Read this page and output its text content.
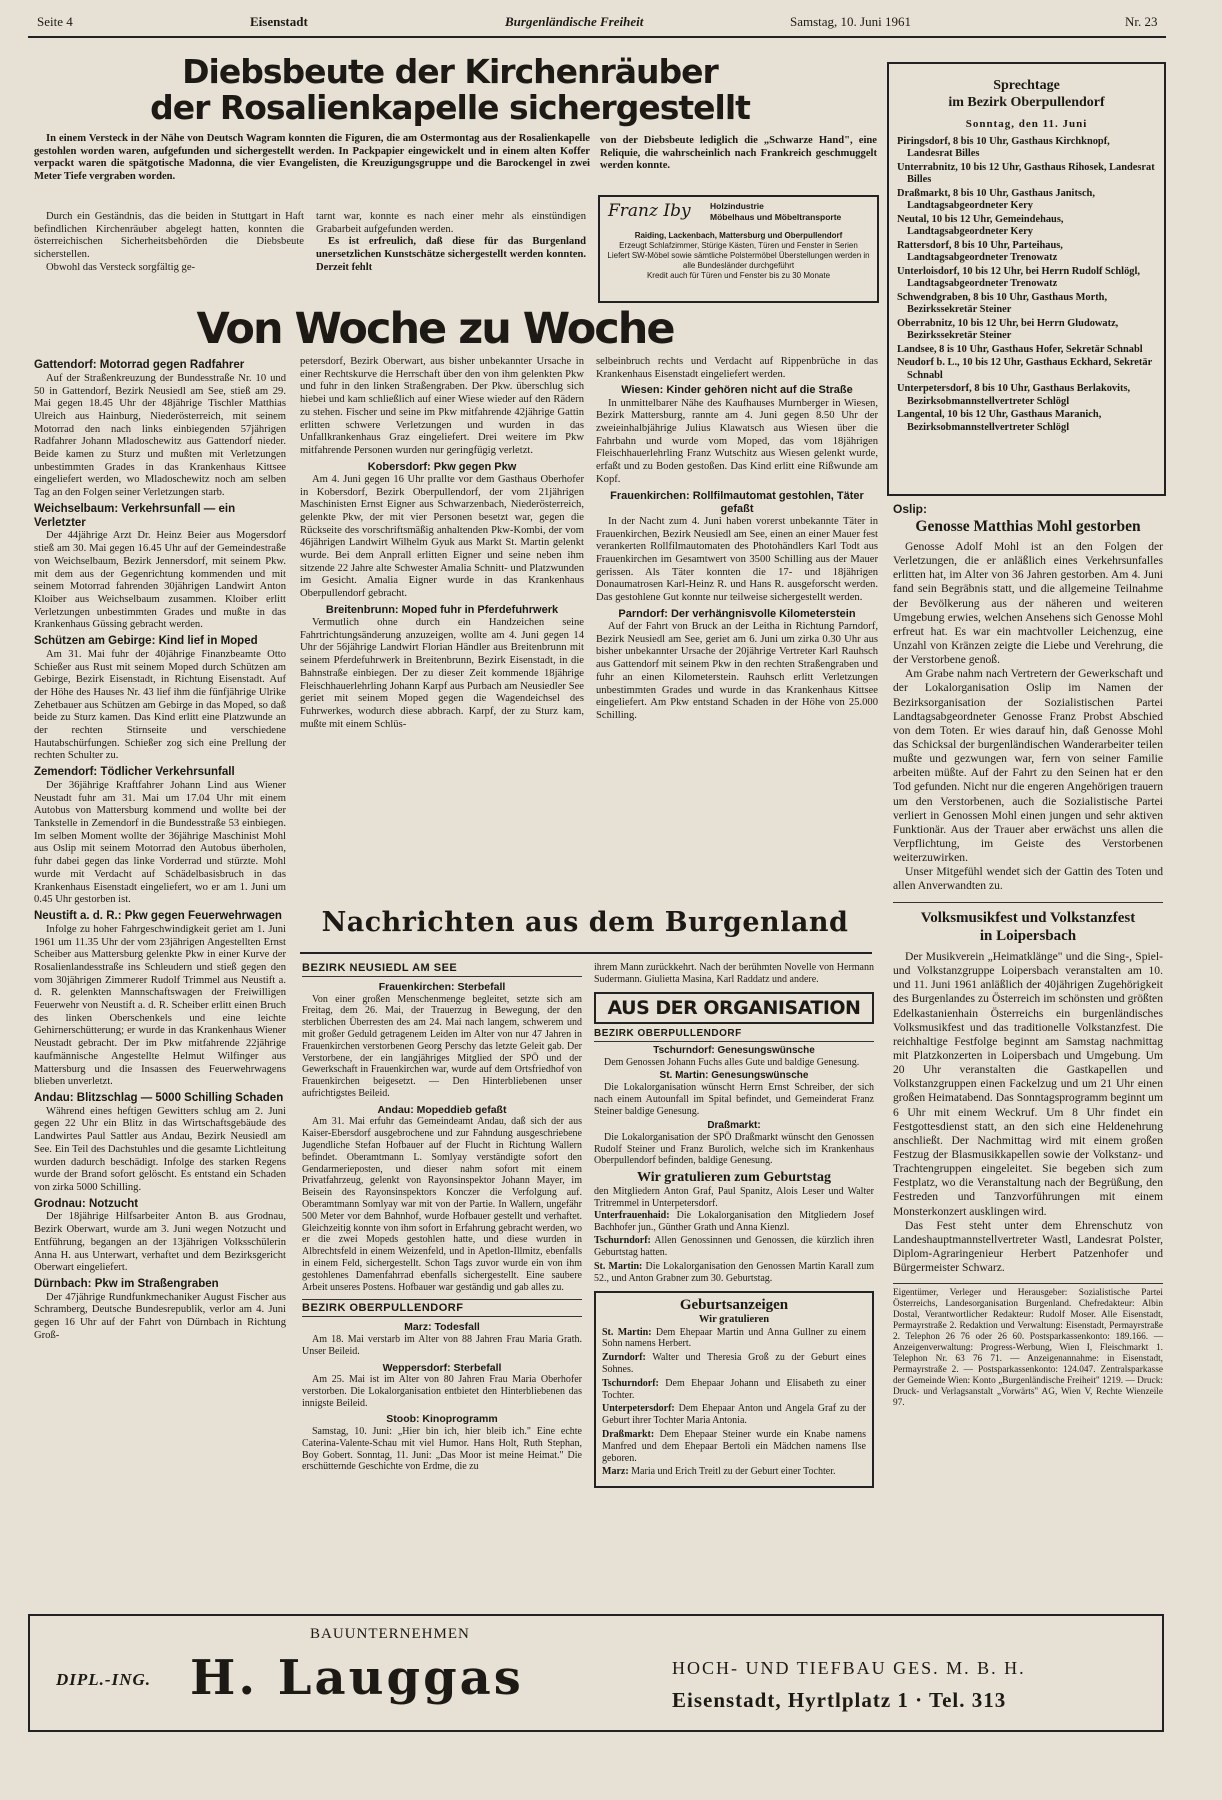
Seite 4	Eisenstadt	Burgenländische Freiheit	Samstag, 10. Juni 1961	Nr. 23
Diebsbeute der Kirchenräuber
der Rosalienkapelle sichergestellt
In einem Versteck in der Nähe von Deutsch Wagram konnten die Figuren, die am Ostermontag aus der Rosalienkapelle gestohlen worden waren, aufgefunden und sichergestellt werden. In Packpapier eingewickelt und in einem alten Koffer verpackt waren die spätgotische Madonna, die vier Evangelisten, die Kreuzigungsgruppe und die Barockengel in zwei Meter Tiefe vergraben worden.

Durch ein Geständnis, das die beiden in Stuttgart in Haft befindlichen Kirchenräuber abgelegt hatten, konnten die österreichischen Sicherheitsbehörden die Diebsbeute sicherstellen.

Obwohl das Versteck sorgfältig ge-

tarnt war, konnte es nach einer mehr als einstündigen Grabarbeit aufgefunden werden.

Es ist erfreulich, daß diese für das Burgenland unersetzlichen Kunstschätze sichergestellt werden konnten. Derzeit fehlt

von der Diebsbeute lediglich die „Schwarze Hand", eine Reliquie, die wahrscheinlich nach Frankreich geschmuggelt werden konnte.
Franz Iby Holzindustrie
Möbelhaus und Möbeltransporte
Raiding, Lackenbach, Mattersburg und Oberpullendorf
Erzeugt Schlafzimmer, Stürige Kästen, Türen und Fenster in Serien
Liefert SW-Möbel sowie sämtliche Polstermöbel Überstellungen werden in alle Bundesländer durchgeführt
Kredit auch für Türen und Fenster bis zu 30 Monate
Sprechtage
im Bezirk Oberpullendorf
Sonntag, den 11. Juni
Piringsdorf, 8 bis 10 Uhr, Gasthaus Kirchknopf, Landesrat Billes
Unterrabnitz, 10 bis 12 Uhr, Gasthaus Rihosek, Landesrat Billes
Draßmarkt, 8 bis 10 Uhr, Gasthaus Janitsch, Landtagsabgeordneter Kery
Neutal, 10 bis 12 Uhr, Gemeindehaus, Landtagsabgeordneter Kery
Rattersdorf, 8 bis 10 Uhr, Parteihaus, Landtagsabgeordneter Trenowatz
Unterloisdorf, 10 bis 12 Uhr, bei Herrn Rudolf Schlögl, Landtagsabgeordneter Trenowatz
Schwendgraben, 8 bis 10 Uhr, Gasthaus Morth, Bezirkssekretär Steiner
Oberrabnitz, 10 bis 12 Uhr, bei Herrn Gludowatz, Bezirkssekretär Steiner
Landsee, 8 is 10 Uhr, Gasthaus Hofer, Sekretär Schnabl
Neudorf b. L., 10 bis 12 Uhr, Gasthaus Eckhard, Sekretär Schnabl
Unterpetersdorf, 8 bis 10 Uhr, Gasthaus Berlakovits, Bezirksobmannstellvertreter Schlögl
Langental, 10 bis 12 Uhr, Gasthaus Maranich, Bezirksobmannstellvertreter Schlögl
Von Woche zu Woche
Gattendorf: Motorrad gegen Radfahrer

Auf der Straßenkreuzung der Bundesstraße Nr. 10 und 50 in Gattendorf, Bezirk Neusiedl am See, stieß am 29. Mai gegen 18.45 Uhr der 48jährige Tischler Matthias Ulreich aus Hainburg, Niederösterreich, mit seinem Motorrad den nach links einbiegenden 57jährigen Radfahrer Johann Mladoschewitz aus Gattendorf nieder. Beide kamen zu Sturz und mußten mit Verletzungen unbestimmten Grades in das Krankenhaus Kittsee eingeliefert werden, wo Mladoschewitz noch am selben Tag an den Folgen seiner Verletzungen starb.

Weichselbaum: Verkehrsunfall — ein Verletzter

Der 44jährige Arzt Dr. Heinz Beier aus Mogersdorf stieß am 30. Mai gegen 16.45 Uhr auf der Gemeindestraße von Weichselbaum, Bezirk Jennersdorf, mit seinem Pkw. mit dem aus der Gegenrichtung kommenden und mit seinem Motorrad fahrenden 30jährigen Landwirt Anton Kloiber aus Weichselbaum zusammen. Kloiber erlitt Verletzungen unbestimmten Grades und mußte in das Krankenhaus Güssing gebracht werden.

Schützen am Gebirge: Kind lief in Moped

Am 31. Mai fuhr der 40jährige Finanzbeamte Otto Schießer aus Rust mit seinem Moped durch Schützen am Gebirge, Bezirk Eisenstadt, in Richtung Eisenstadt. Auf der Höhe des Hauses Nr. 43 lief ihm die fünfjährige Ulrike Zehetbauer aus Schützen am Gebirge in das Moped, so daß beide zu Sturz kamen. Das Kind erlitt eine Platzwunde an der rechten Stirnseite und verschiedene Hautabschürfungen. Schießer zog sich eine Prellung der rechten Schulter zu.

Zemendorf: Tödlicher Verkehrsunfall

Der 36jährige Kraftfahrer Johann Lind aus Wiener Neustadt fuhr am 31. Mai um 17.04 Uhr mit einem Autobus von Mattersburg kommend und wollte bei der Tankstelle in Zemendorf in die Bundesstraße 53 einbiegen. Im selben Moment wollte der 36jährige Maschinist Mohl aus Oslip mit seinem Motorrad den Autobus überholen, fuhr dabei gegen das linke Vorderrad und stürzte. Mohl wurde mit Verdacht auf Schädelbasisbruch in das Krankenhaus Eisenstadt eingeliefert, wo er am 1. Juni um 0.45 Uhr gestorben ist.

Neustift a. d. R.: Pkw gegen Feuerwehrwagen

Infolge zu hoher Fahrgeschwindigkeit geriet am 1. Juni 1961 um 11.35 Uhr der vom 23jährigen Angestellten Ernst Scheiber aus Mattersburg gelenkte Pkw in einer Kurve der Rosalienlandesstraße ins Schleudern und stieß gegen den vom 30jährigen Zimmerer Rudolf Trimmel aus Neustift a. d. R. gelenkten Mannschaftswagen der Freiwilligen Feuerwehr von Neustift a. d. R. Scheiber erlitt einen Bruch des linken Oberschenkels und eine leichte Gehirnerschütterung; er wurde in das Krankenhaus Wiener Neustadt gebracht. Der im Pkw mitfahrende 22jährige kaufmännische Angestellte Helmut Wilfinger aus Mattersburg und die Insassen des Feuerwehrwagens blieben unverletzt.

Andau: Blitzschlag — 5000 Schilling Schaden

Während eines heftigen Gewitters schlug am 2. Juni gegen 22 Uhr ein Blitz in das Wirtschaftsgebäude des Landwirtes Paul Sattler aus Andau, Bezirk Neusiedl am See. Ein Teil des Dachstuhles und die gesamte Lichtleitung wurden dadurch beschädigt. Infolge des starken Regens wurde der Brand sofort gelöscht. Es entstand ein Schaden von zirka 5000 Schilling.

Grodnau: Notzucht

Der 18jährige Hilfsarbeiter Anton B. aus Grodnau, Bezirk Oberwart, wurde am 3. Juni wegen Notzucht und Entführung, begangen an der 13jährigen Volksschülerin Anna H. aus Unterwart, verhaftet und dem Bezirksgericht Oberwart eingeliefert.

Dürnbach: Pkw im Straßengraben

Der 47jährige Rundfunkmechaniker August Fischer aus Schramberg, Deutsche Bundesrepublik, verlor am 4. Juni gegen 16 Uhr auf der Fahrt von Dürnbach in Richtung Groß-

petersdorf, Bezirk Oberwart, aus bisher unbekannter Ursache in einer Rechtskurve die Herrschaft über den von ihm gelenkten Pkw und fuhr in den linken Straßengraben. Der Pkw. überschlug sich hiebei und kam schließlich auf einer Wiese wieder auf den Rädern zu stehen. Fischer und seine im Pkw mitfahrende 42jährige Gattin erlitten schwere Verletzungen und wurden in das Unfallkrankenhaus Graz eingeliefert. Drei weitere im Pkw mitfahrende Personen wurden nur geringfügig verletzt.

Kobersdorf: Pkw gegen Pkw

Am 4. Juni gegen 16 Uhr prallte vor dem Gasthaus Oberhofer in Kobersdorf, Bezirk Oberpullendorf, der vom 21jährigen Maschinisten Ernst Eigner aus Schwarzenbach, Niederösterreich, gelenkte Pkw, der mit vier Personen besetzt war, gegen die Rückseite des vorschriftsmäßig anhaltenden Pkw-Kombi, der vom 46jährigen Landwirt Wilhelm Gyuk aus Markt St. Martin gelenkt wurde. Bei dem Anprall erlitten Eigner und seine neben ihm sitzende 22 Jahre alte Schwester Amalia Schnitt- und Platzwunden im Gesicht. Amalia Eigner wurde in das Krankenhaus Oberpullendorf gebracht.

Breitenbrunn: Moped fuhr in Pferdefuhrwerk

Vermutlich ohne durch ein Handzeichen seine Fahrtrichtungsänderung anzuzeigen, wollte am 4. Juni gegen 14 Uhr der 56jährige Landwirt Florian Händler aus Breitenbrunn mit seinem Pferdefuhrwerk in Breitenbrunn, Bezirk Eisenstadt, in die Bahnstraße einbiegen. Der zu dieser Zeit kommende 18jährige Fleischhauerlehrling Johann Karpf aus Purbach am Neusiedler See geriet mit seinem Moped gegen die Wagendeichsel des Fuhrwerkes, wodurch diese abbrach. Karpf, der zu Sturz kam, mußte mit einem Schlüs-

selbeinbruch rechts und Verdacht auf Rippenbrüche in das Krankenhaus Eisenstadt eingeliefert werden.

Wiesen: Kinder gehören nicht auf die Straße

In unmittelbarer Nähe des Kaufhauses Murnberger in Wiesen, Bezirk Mattersburg, rannte am 4. Juni gegen 8.50 Uhr der zweieinhalbjährige Julius Klawatsch aus Wiesen über die Fahrbahn und wurde vom Moped, das vom 18jährigen Fleischhauerlehrling Franz Wutschitz aus Wiesen gelenkt wurde, erfaßt und zu Boden gestoßen. Das Kind erlitt eine Rißwunde am Kopf.

Frauenkirchen: Rollfilmautomat gestohlen, Täter gefaßt

In der Nacht zum 4. Juni haben vorerst unbekannte Täter in Frauenkirchen, Bezirk Neusiedl am See, einen an einer Mauer fest verankerten Rollfilmautomaten des Photohändlers Karl Todt aus Frauenkirchen im Gesamtwert von 3500 Schilling aus der Mauer gerissen. Als Täter konnten die 17- und 18jährigen Donaumatrosen Karl-Heinz R. und Hans R. ausgeforscht werden. Das gestohlene Gut konnte nur teilweise sichergestellt werden.

Parndorf: Der verhängnisvolle Kilometerstein

Auf der Fahrt von Bruck an der Leitha in Richtung Parndorf, Bezirk Neusiedl am See, geriet am 6. Juni um zirka 0.30 Uhr aus bisher unbekannter Ursache der 20jährige Vertreter Karl Rauhsch aus Gattendorf mit seinem Pkw in den rechten Straßengraben und fuhr an einen Kilometerstein. Rauhsch erlitt Verletzungen unbestimmten Grades und wurde in das Krankenhaus Kittsee eingeliefert. Am Pkw entstand Schaden in der Höhe von 25.000 Schilling.

Oslip:
Genosse Matthias Mohl gestorben

Genosse Adolf Mohl ist an den Folgen der Verletzungen, die er anläßlich eines Verkehrsunfalles erlitten hat, im Alter von 36 Jahren gestorben. Am 4. Juni fand sein Begräbnis statt, und die allgemeine Teilnahme der Bevölkerung aus der näheren und weiteren Umgebung erwies, welchen Ansehens sich Genosse Mohl erfreut hat. Es war ein machtvoller Leichenzug, eine Unzahl von Kränzen zeigte die Liebe und Verehrung, die der Verstorbene genoß.

Am Grabe nahm nach Vertretern der Gewerkschaft und der Lokalorganisation Oslip im Namen der Bezirksorganisation der Sozialistischen Partei Landtagsabgeordneter Genosse Franz Probst Abschied von dem Toten. Er wies darauf hin, daß Genosse Mohl das Schicksal der burgenländischen Wanderarbeiter teilen mußte und gezwungen war, fern von seiner Familie arbeiten müßte. Auf der Fahrt zu den Seinen hat er den Tod gefunden. Nicht nur die engeren Angehörigen trauern um den Verstorbenen, auch die Sozialistische Partei verliert in Genossen Mohl einen jungen und sehr aktiven Funktionär. Aus der Trauer aber erwächst uns allen die Verpflichtung, im Geiste des Verstorbenen weiterzuwirken.

Unser Mitgefühl wendet sich der Gattin des Toten und allen Anverwandten zu.

Volksmusikfest und Volkstanzfest
in Loipersbach

Der Musikverein „Heimatklänge" und die Sing-, Spiel- und Volkstanzgruppe Loipersbach veranstalten am 10. und 11. Juni 1961 anläßlich der 40jährigen Zugehörigkeit des Burgenlandes zu Österreich im schönsten und größten Edelkastanienhain Österreichs ein burgenländisches Volksmusikfest und das traditionelle Volkstanzfest. Die reichhaltige Festfolge beginnt am Samstag nachmittag mit Platzkonzerten in Loipersbach und Umgebung. Um 20 Uhr veranstalten die Gastkapellen und Volkstanzgruppen einen Fackelzug und um 21 Uhr einen großen Heimatabend. Das Sonntagsprogramm beginnt um 6 Uhr mit einem Weckruf. Um 8 Uhr findet ein Festgottesdienst statt, an den sich eine Heldenehrung anschließt. Der Nachmittag wird mit einem großen Festzug der Blasmusikkapellen sowie der Volkstanz- und Trachtengruppen eingeleitet. Sie begeben sich zum Festplatz, wo die Veranstaltung nach der Begrüßung, den Festreden und Tanzvorführungen mit einem Monsterkonzert ausklingen wird.

Das Fest steht unter dem Ehrenschutz von Landeshauptmannstellvertreter Wastl, Landesrat Polster, Diplom-Agraringenieur Herbert Patzenhofer und Bürgermeister Schwarz.

Eigentümer, Verleger und Herausgeber: Sozialistische Partei Österreichs, Landesorganisation Burgenland. Chefredakteur: Albin Dostal, Verantwortlicher Redakteur: Rudolf Moser. Alle Eisenstadt, Permayrstraße 2. Redaktion und Verwaltung: Eisenstadt, Permayrstraße 2. Telephon 26 76 oder 26 60. Postsparkassenkonto: 189.166. — Anzeigenverwaltung: Progress-Werbung, Wien I, Fleischmarkt 1. Telephon Nr. 63 76 71. — Anzeigenannahme: in Eisenstadt, Permayrstraße 2. — Postsparkassenkonto: 124.047. Zentralsparkasse der Gemeinde Wien: Konto „Burgenländische Freiheit" 1219. — Druck: Druck- und Verlagsanstalt „Vorwärts" AG, Wien V, Rechte Wienzeile 97.
Nachrichten aus dem Burgenland
BEZIRK NEUSIEDL AM SEE
Frauenkirchen: Sterbefall

Von einer großen Menschenmenge begleitet, setzte sich am Freitag, dem 26. Mai, der Trauerzug in Bewegung, der den sterblichen Überresten des am 24. Mai nach langem, schwerem und mit großer Geduld getragenem Leiden im Alter von nur 47 Jahren in Frauenkirchen verstorbenen Georg Perschy das letzte Geleit gab. Der Verstorbene, der ein langjähriges Mitglied der SPÖ und der Gewerkschaft in Frauenkirchen war, wurde auf dem Ortsfriedhof von Frauenkirchen beigesetzt. — Den Hinterbliebenen unser aufrichtigstes Beileid.

Andau: Mopeddieb gefaßt

Am 31. Mai erfuhr das Gemeindeamt Andau, daß sich der aus Kaiser-Ebersdorf ausgebrochene und zur Fahndung ausgeschriebene Jugendliche Stefan Hofbauer auf der Flucht in Richtung Wallern befindet. Oberamtmann L. Somlyay verständigte sofort den Gendarmerieposten, und dieser nahm sofort mit einem Privatfahrzeug, gelenkt von Rayonsinspektor Johann Mayer, im Beisein des Rayonsinspektors Konczer die Verfolgung auf. Oberamtmann Somlyay war mit von der Partie. In Wallern, ungefähr 500 Meter vor dem Bahnhof, wurde Hofbauer gestellt und verhaftet. Gleichzeitig konnte von ihm sofort in Erfahrung gebracht werden, wo er die zwei Mopeds gestohlen hatte, und diese wurden in Albrechtsfeld in einem Weizenfeld, und in Apetlon-Illmitz, ebenfalls in einem Feld, sichergestellt. Schon Tags zuvor wurde ein von ihm gestohlenes Damenfahrrad ebenfalls sichergestellt. Eine saubere Arbeit unseres Postens. Hofbauer war geständig und gab alles zu.

BEZIRK OBERPULLENDORF
Marz: Todesfall

Am 18. Mai verstarb im Alter von 88 Jahren Frau Maria Grath. Unser Beileid.

Weppersdorf: Sterbefall

Am 25. Mai ist im Alter von 80 Jahren Frau Maria Oberhofer verstorben. Die Lokalorganisation entbietet den Hinterbliebenen das innigste Beileid.

Stoob: Kinoprogramm

Samstag, 10. Juni: „Hier bin ich, hier bleib ich." Eine echte Caterina-Valente-Schau mit viel Humor. Hans Holt, Ruth Stephan, Boy Gobert. Sonntag, 11. Juni: „Das Moor ist meine Heimat." Die erschütternde Geschichte von Erdme, die zu

ihrem Mann zurückkehrt. Nach der berühmten Novelle von Hermann Sudermann. Giulietta Masina, Karl Raddatz und andere.

AUS DER ORGANISATION
BEZIRK OBERPULLENDORF
Tschurndorf: Genesungswünsche

Dem Genossen Johann Fuchs alles Gute und baldige Genesung.

St. Martin: Genesungswünsche

Die Lokalorganisation wünscht Herrn Ernst Schreiber, der sich nach einem Autounfall im Spital befindet, und Gemeinderat Franz Steiner baldige Genesung.

Draßmarkt:

Die Lokalorganisation der SPÖ Draßmarkt wünscht den Genossen Rudolf Steiner und Franz Burolich, welche sich im Krankenhaus Oberpullendorf befinden, baldige Genesung.

Wir gratulieren zum Geburtstag

den Mitgliedern Anton Graf, Paul Spanitz, Alois Leser und Walter Tritremmel in Unterpetersdorf.

Unterfrauenhaid: Die Lokalorganisation den Mitgliedern Josef Bachhofer jun., Günther Grath und Anna Kienzl.

Tschurndorf: Allen Genossinnen und Genossen, die kürzlich ihren Geburtstag hatten.

St. Martin: Die Lokalorganisation den Genossen Martin Karall zum 52., und Anton Grabner zum 30. Geburtstag.

Geburtsanzeigen
Wir gratulieren

St. Martin: Dem Ehepaar Martin und Anna Gullner zu einem Sohn namens Herbert.

Zurndorf: Walter und Theresia Groß zu der Geburt eines Sohnes.

Tschurndorf: Dem Ehepaar Johann und Elisabeth zu einer Tochter.

Unterpetersdorf: Dem Ehepaar Anton und Angela Graf zu der Geburt ihrer Tochter Maria Antonia.

Draßmarkt: Dem Ehepaar Steiner wurde ein Knabe namens Manfred und dem Ehepaar Bertoli ein Mädchen namens Ilse geboren.

Marz: Maria und Erich Treitl zu der Geburt einer Tochter.

BAUUNTERNEHMEN
DIPL.-ING. H. Lauggas	HOCH- UND TIEFBAU GES. M. B. H.
Eisenstadt, Hyrtlplatz 1 · Tel. 313
